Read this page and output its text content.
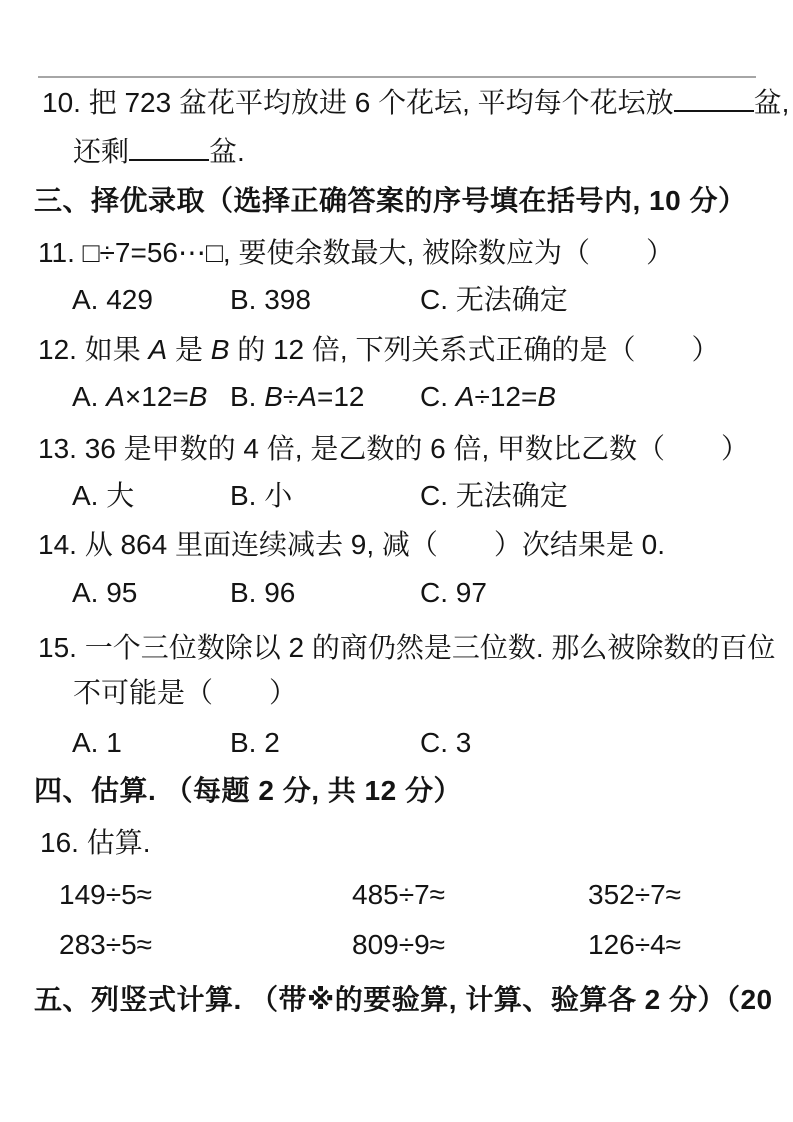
10. 把 723 盆花平均放进 6 个花坛, 平均每个花坛放	盆,
还剩	盆.
三、择优录取（选择正确答案的序号填在括号内, 10 分）
11. □÷7=56⋯□, 要使余数最大, 被除数应为（　　）
A. 429	B. 398	C. 无法确定
12. 如果 A 是 B 的 12 倍, 下列关系式正确的是（　　）
A. A×12=B B. B÷A=12 C. A÷12=B
13. 36 是甲数的 4 倍, 是乙数的 6 倍, 甲数比乙数（　　）
A. 大	B. 小	C. 无法确定
14. 从 864 里面连续减去 9, 减（　　）次结果是 0.
A. 95	B. 96	C. 97
15. 一个三位数除以 2 的商仍然是三位数. 那么被除数的百位
不可能是（　　）
A. 1	B. 2	C. 3
四、估算. （每题 2 分, 共 12 分）
16. 估算.
149÷5≈	485÷7≈	352÷7≈
283÷5≈	809÷9≈	126÷4≈
五、列竖式计算. （带※的要验算, 计算、验算各 2 分）（20
